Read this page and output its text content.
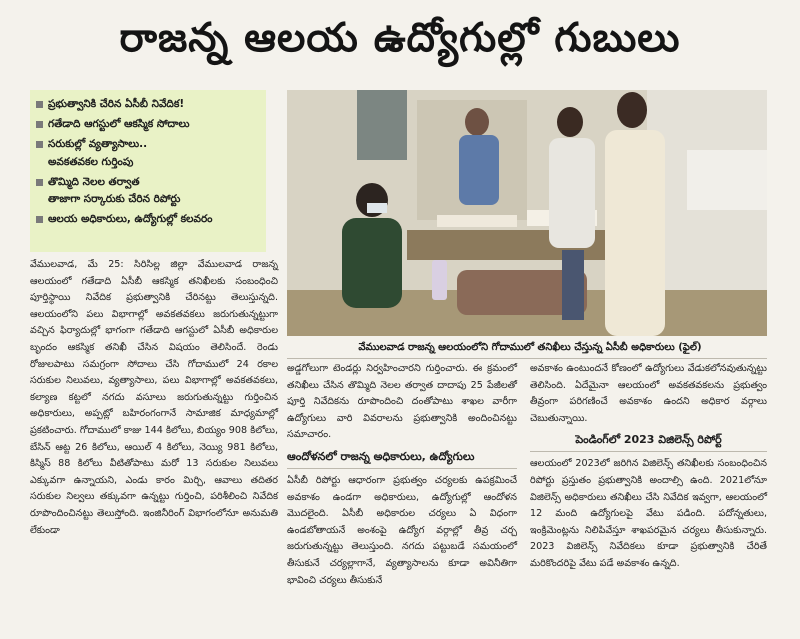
రాజన్న ఆలయ ఉద్యోగుల్లో గుబులు
ప్రభుత్వానికి చేరిన ఏసీబీ నివేదిక!
గతేడాది ఆగస్టులో ఆకస్మిక సోదాలు
సరుకుల్లో వ్యత్యాసాలు..
అవకతవకల గుర్తింపు
తొమ్మిది నెలల తర్వాత
తాజాగా సర్కారుకు చేరిన రిపోర్టు
ఆలయ అధికారులు, ఉద్యోగుల్లో కలవరం
వేములవాడ రాజన్న ఆలయంలోని గోదాములో తనిఖీలు చేస్తున్న ఏసీబీ అధికారులు (ఫైల్)

వేములవాడ, మే 25: సిరిసిల్ల జిల్లా వేములవాడ రాజన్న ఆలయంలో గతేడాది ఏసీబీ ఆకస్మిక తనిఖీలకు సంబంధించి పూర్తిస్థాయి నివేదిక ప్రభుత్వానికి చేరినట్టు తెలుస్తున్నది. ఆలయంలోని పలు విభాగాల్లో అవకతవకలు జరుగుతున్నట్టుగా వచ్చిన ఫిర్యాదుల్లో భాగంగా గతేడాది ఆగస్టులో ఏసీబీ అధికారుల బృందం ఆకస్మిక తనిఖీ చేసిన విషయం తెలిసిందే. రెండు రోజులపాటు సమగ్రంగా సోదాలు చేసి గోదాములో 24 రకాల సరుకుల నిలువలు, వ్యత్యాసాలు, పలు విభాగాల్లో అవకతవకలు, కల్యాణ కట్టలో నగదు వసూలు జరుగుతున్నట్టు గుర్తించిన అధికారులు, అప్పట్లో బహిరంగంగానే సామాజిక మాధ్యమాల్లో ప్రకటించారు. గోదాములో కాజు 144 కిలోలు, బియ్యం 908 కిలోలు, బేసిన్ ఆట్ట 26 కిలోలు, ఆయిల్ 4 కిలోలు, నెయ్యి 981 కిలోలు, కిస్మిస్ 88 కిలోలు వీటితోపాటు మరో 13 సరుకుల నిలువలు ఎక్కువగా ఉన్నాయని, ఎండు కారం మిర్చి, ఆవాలు తదితర సరుకుల నిల్వలు తక్కువగా ఉన్నట్టు గుర్తించి, పరిశీలించి నివేదిక రూపొందించినట్టు తెలుస్తోంది. ఇంజినీరింగ్ విభాగంలోనూ అనుమతి లేకుండా

అడ్డగోలుగా టెండర్లు నిర్వహించారని గుర్తించారు. ఈ క్రమంలో తనిఖీలు చేసిన తొమ్మిది నెలల తర్వాత దాదాపు 25 పేజీలతో పూర్తి నివేదికను రూపొందించి దంతోపాటు శాఖల వారీగా ఉద్యోగులు వారి వివరాలను ప్రభుత్వానికి అందించినట్టు సమాచారం.

ఆందోళనలో రాజన్న అధికారులు, ఉద్యోగులు

ఏసీబీ రిపోర్టు ఆధారంగా ప్రభుత్వం చర్యలకు ఉపక్రమించే అవకాశం ఉండగా అధికారులు, ఉద్యోగుల్లో ఆందోళన మొదలైంది. ఏసీబీ అధికారుల చర్యలు ఏ విధంగా ఉండబోతాయనే అంశంపై ఉద్యోగ వర్గాల్లో తీవ్ర చర్చ జరుగుతున్నట్టు తెలుస్తుంది. నగదు పట్టుబడే సమయంలో తీసుకునే చర్యల్లాగానే, వ్యత్యాసాలను కూడా అవినీతిగా భావించి చర్యలు తీసుకునే

అవకాశం ఉంటుందనే కోణంలో ఉద్యోగులు వేడుకలోనవుతున్నట్టు తెలిసింది. ఏదేమైనా ఆలయంలో అవకతవకలను ప్రభుత్వం తీవ్రంగా పరిగణించే అవకాశం ఉందని అధికార వర్గాలు చెబుతున్నాయి.

పెండింగ్‌లో 2023 విజిలెన్స్ రిపోర్ట్

ఆలయంలో 2023లో జరిగిన విజిలెన్స్ తనిఖీలకు సంబంధించిన రిపోర్టు ప్రస్తుతం ప్రభుత్వానికి అందాల్సి ఉంది. 2021లోనూ విజిలెన్స్ అధికారులు తనిఖీలు చేసి నివేదిక ఇవ్వగా, ఆలయంలో 12 మంది ఉద్యోగులపై వేటు పడింది. పదోన్నతులు, ఇంక్రిమెంట్లను నిలిపివేస్తూ శాఖపరమైన చర్యలు తీసుకున్నారు. 2023 విజిలెన్స్ నివేదికలు కూడా ప్రభుత్వానికి చేరితే మరికొందరిపై వేటు పడే అవకాశం ఉన్నది.
